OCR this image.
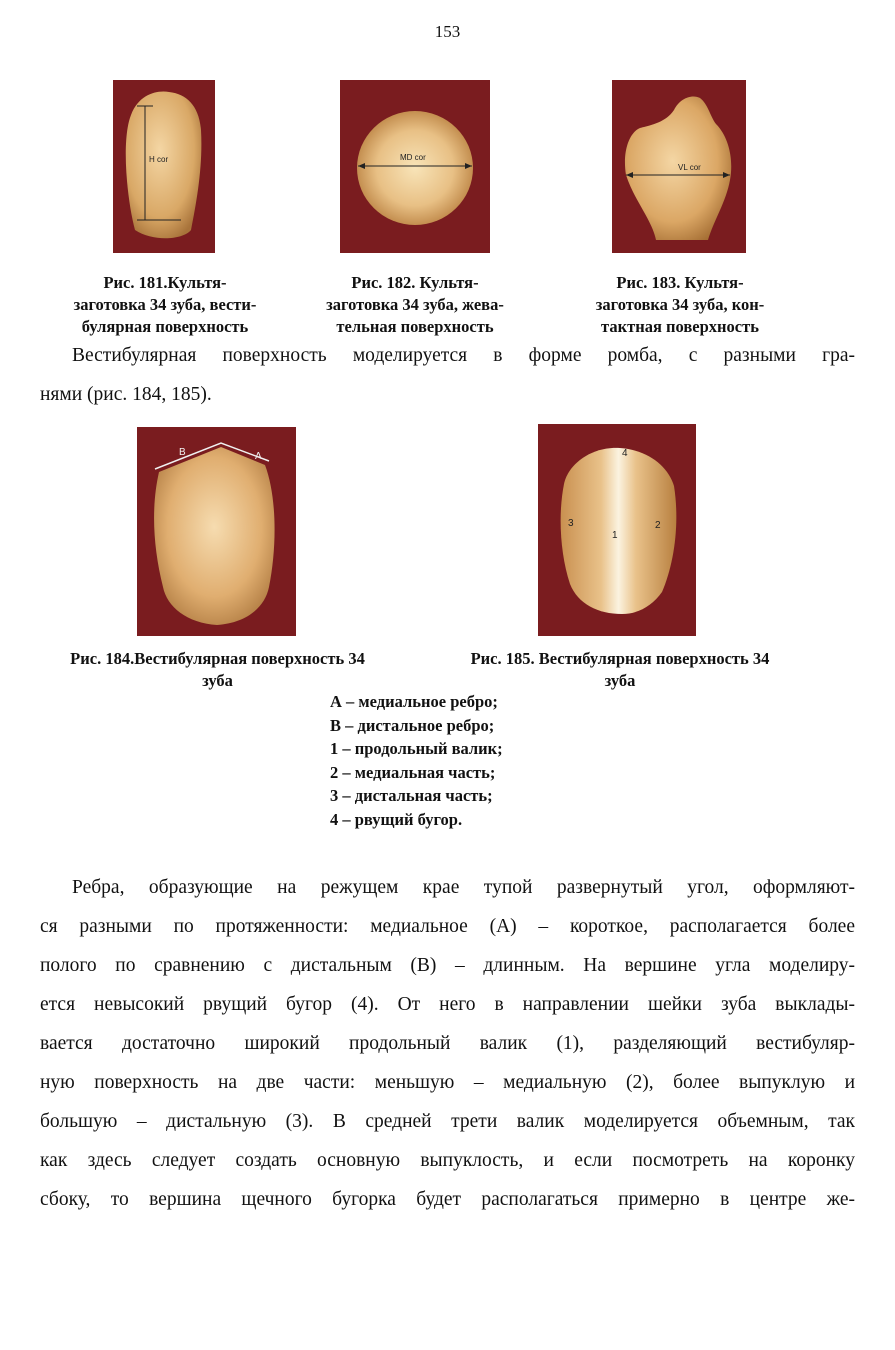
153
H cor
Рис. 181.Культя-
заготовка 34 зуба, вести-
булярная поверхность
MD cor
Рис. 182. Культя-
заготовка 34 зуба, жева-
тельная поверхность
VL cor
Рис. 183. Культя-
заготовка 34 зуба, кон-
тактная поверхность
Вестибулярная поверхность моделируется в форме ромба, с разными гра-
нями (рис. 184, 185).
B	A
Рис. 184.Вестибулярная поверхность 34
зуба
4
3	2
1
Рис. 185. Вестибулярная поверхность 34
зуба
А – медиальное ребро;
В – дистальное ребро;
1 – продольный валик;
2 – медиальная часть;
3 – дистальная часть;
4 – рвущий бугор.
Ребра, образующие на режущем крае тупой развернутый угол, оформляют-
ся разными по протяженности: медиальное (А) – короткое, располагается более
полого по сравнению с дистальным (В) – длинным. На вершине угла моделиру-
ется невысокий рвущий бугор (4). От него в направлении шейки зуба выклады-
вается достаточно широкий продольный валик (1), разделяющий вестибуляр-
ную поверхность на две части: меньшую – медиальную (2), более выпуклую и
большую – дистальную (3). В средней трети валик моделируется объемным, так
как здесь следует создать основную выпуклость, и если посмотреть на коронку
сбоку, то вершина щечного бугорка будет располагаться примерно в центре же-
